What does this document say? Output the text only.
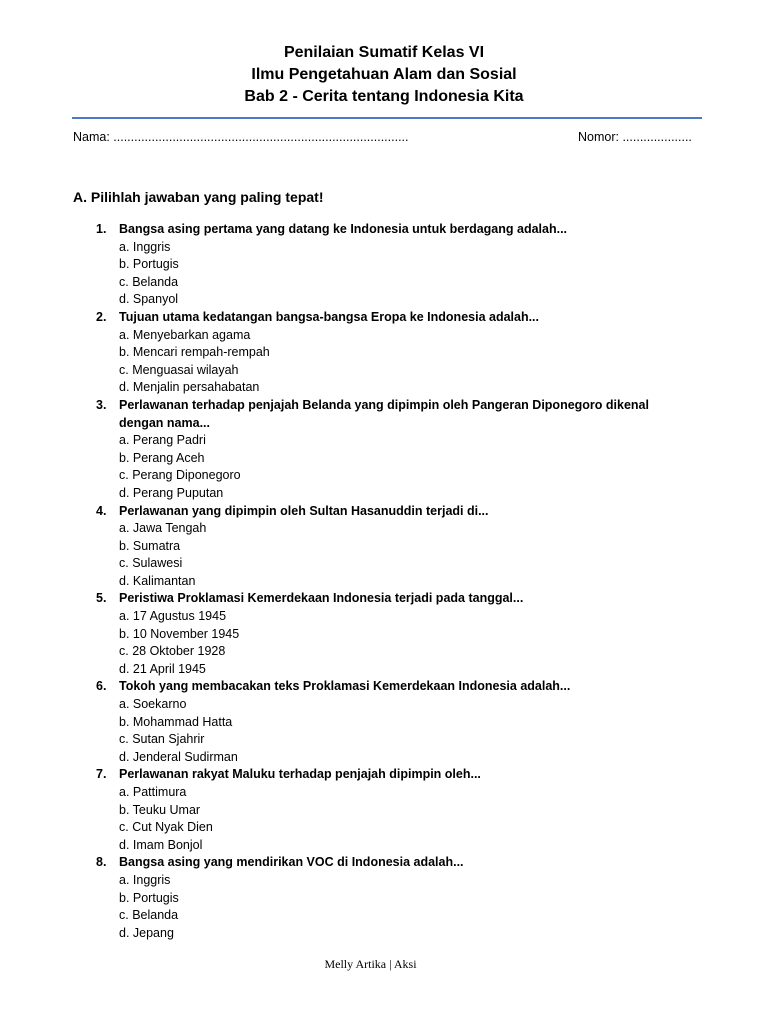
Penilaian Sumatif Kelas VI
Ilmu Pengetahuan Alam dan Sosial
Bab 2 - Cerita tentang Indonesia Kita
Nama: .....................................................................................	Nomor: ....................
A. Pilihlah jawaban yang paling tepat!
1. Bangsa asing pertama yang datang ke Indonesia untuk berdagang adalah...
a. Inggris
b. Portugis
c. Belanda
d. Spanyol
2. Tujuan utama kedatangan bangsa-bangsa Eropa ke Indonesia adalah...
a. Menyebarkan agama
b. Mencari rempah-rempah
c. Menguasai wilayah
d. Menjalin persahabatan
3. Perlawanan terhadap penjajah Belanda yang dipimpin oleh Pangeran Diponegoro dikenal dengan nama...
a. Perang Padri
b. Perang Aceh
c. Perang Diponegoro
d. Perang Puputan
4. Perlawanan yang dipimpin oleh Sultan Hasanuddin terjadi di...
a. Jawa Tengah
b. Sumatra
c. Sulawesi
d. Kalimantan
5. Peristiwa Proklamasi Kemerdekaan Indonesia terjadi pada tanggal...
a. 17 Agustus 1945
b. 10 November 1945
c. 28 Oktober 1928
d. 21 April 1945
6. Tokoh yang membacakan teks Proklamasi Kemerdekaan Indonesia adalah...
a. Soekarno
b. Mohammad Hatta
c. Sutan Sjahrir
d. Jenderal Sudirman
7. Perlawanan rakyat Maluku terhadap penjajah dipimpin oleh...
a. Pattimura
b. Teuku Umar
c. Cut Nyak Dien
d. Imam Bonjol
8. Bangsa asing yang mendirikan VOC di Indonesia adalah...
a. Inggris
b. Portugis
c. Belanda
d. Jepang
Melly Artika | Aksi
